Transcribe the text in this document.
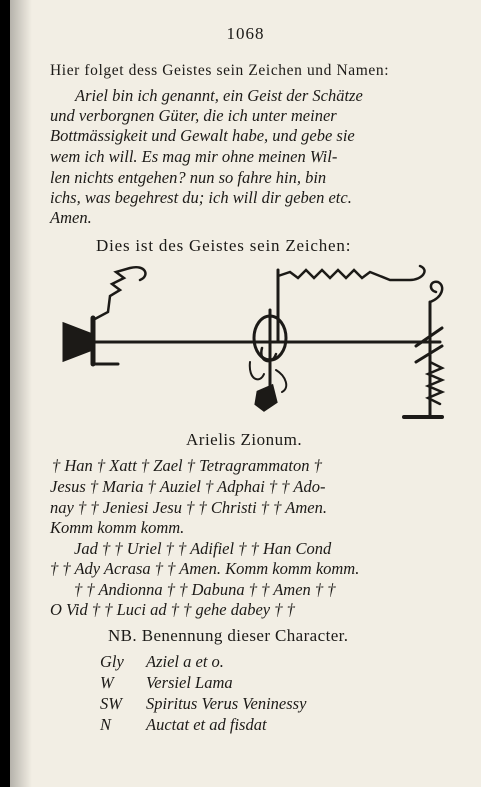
1068
Hier folget dess Geistes sein Zeichen und Namen:
Ariel bin ich genannt, ein Geist der Schätze
und verborgnen Güter, die ich unter meiner
Bottmässigkeit und Gewalt habe, und gebe sie
wem ich will. Es mag mir ohne meinen Wil-
len nichts entgehen? nun so fahre hin, bin
ichs, was begehrest du; ich will dir geben etc.
Amen.
Dies ist des Geistes sein Zeichen:
Arielis Zionum.
† Han † Xatt † Zael † Tetragrammaton †
Jesus † Maria † Auziel † Adphai † † Ado-
nay † † Jeniesi Jesu † † Christi † † Amen.
Komm komm komm.
Jad † † Uriel † † Adifiel † † Han Cond
† † Ady Acrasa † † Amen. Komm komm komm.
† † Andionna † † Dabuna † † Amen † †
O Vid † † Luci ad † † gehe dabey † †
NB. Benennung dieser Character.
Gly Aziel a et o.
W Versiel Lama
SW Spiritus Verus Veninessy
N Auctat et ad fisdat
